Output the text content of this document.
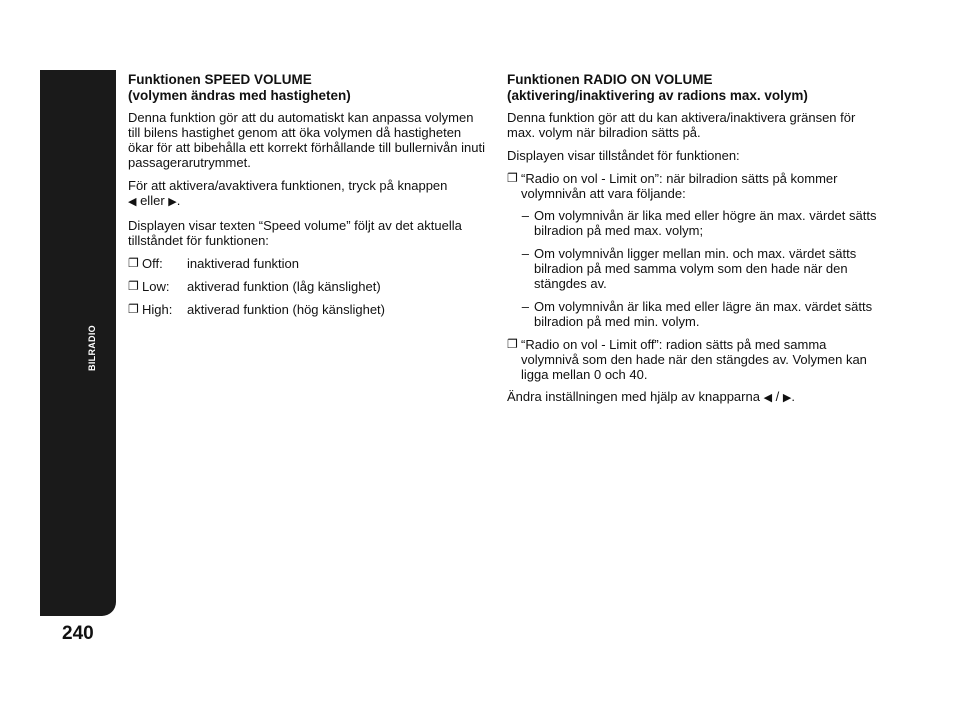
BILRADIO
240
Funktionen SPEED VOLUME
(volymen ändras med hastigheten)

Denna funktion gör att du automatiskt kan anpassa volymen till bilens hastighet genom att öka volymen då hastigheten ökar för att bibehålla ett korrekt förhållande till bullernivån inuti passagerarutrymmet.

För att aktivera/avaktivera funktionen, tryck på knappen
◀ eller ▶.

Displayen visar texten “Speed volume” följt av det aktuella tillståndet för funktionen:

❐ Off:	inaktiverad funktion
❐ Low:	aktiverad funktion (låg känslighet)
❐ High:	aktiverad funktion (hög känslighet)
Funktionen RADIO ON VOLUME
(aktivering/inaktivering av radions max. volym)

Denna funktion gör att du kan aktivera/inaktivera gränsen för max. volym när bilradion sätts på.

Displayen visar tillståndet för funktionen:

❐ “Radio on vol - Limit on”: när bilradion sätts på kommer volymnivån att vara följande:
– Om volymnivån är lika med eller högre än max. värdet sätts bilradion på med max. volym;
– Om volymnivån ligger mellan min. och max. värdet sätts bilradion på med samma volym som den hade när den stängdes av.
– Om volymnivån är lika med eller lägre än max. värdet sätts bilradion på med min. volym.
❐ “Radio on vol - Limit off”: radion sätts på med samma volymnivå som den hade när den stängdes av. Volymen kan ligga mellan 0 och 40.

Ändra inställningen med hjälp av knapparna ◀ / ▶.
